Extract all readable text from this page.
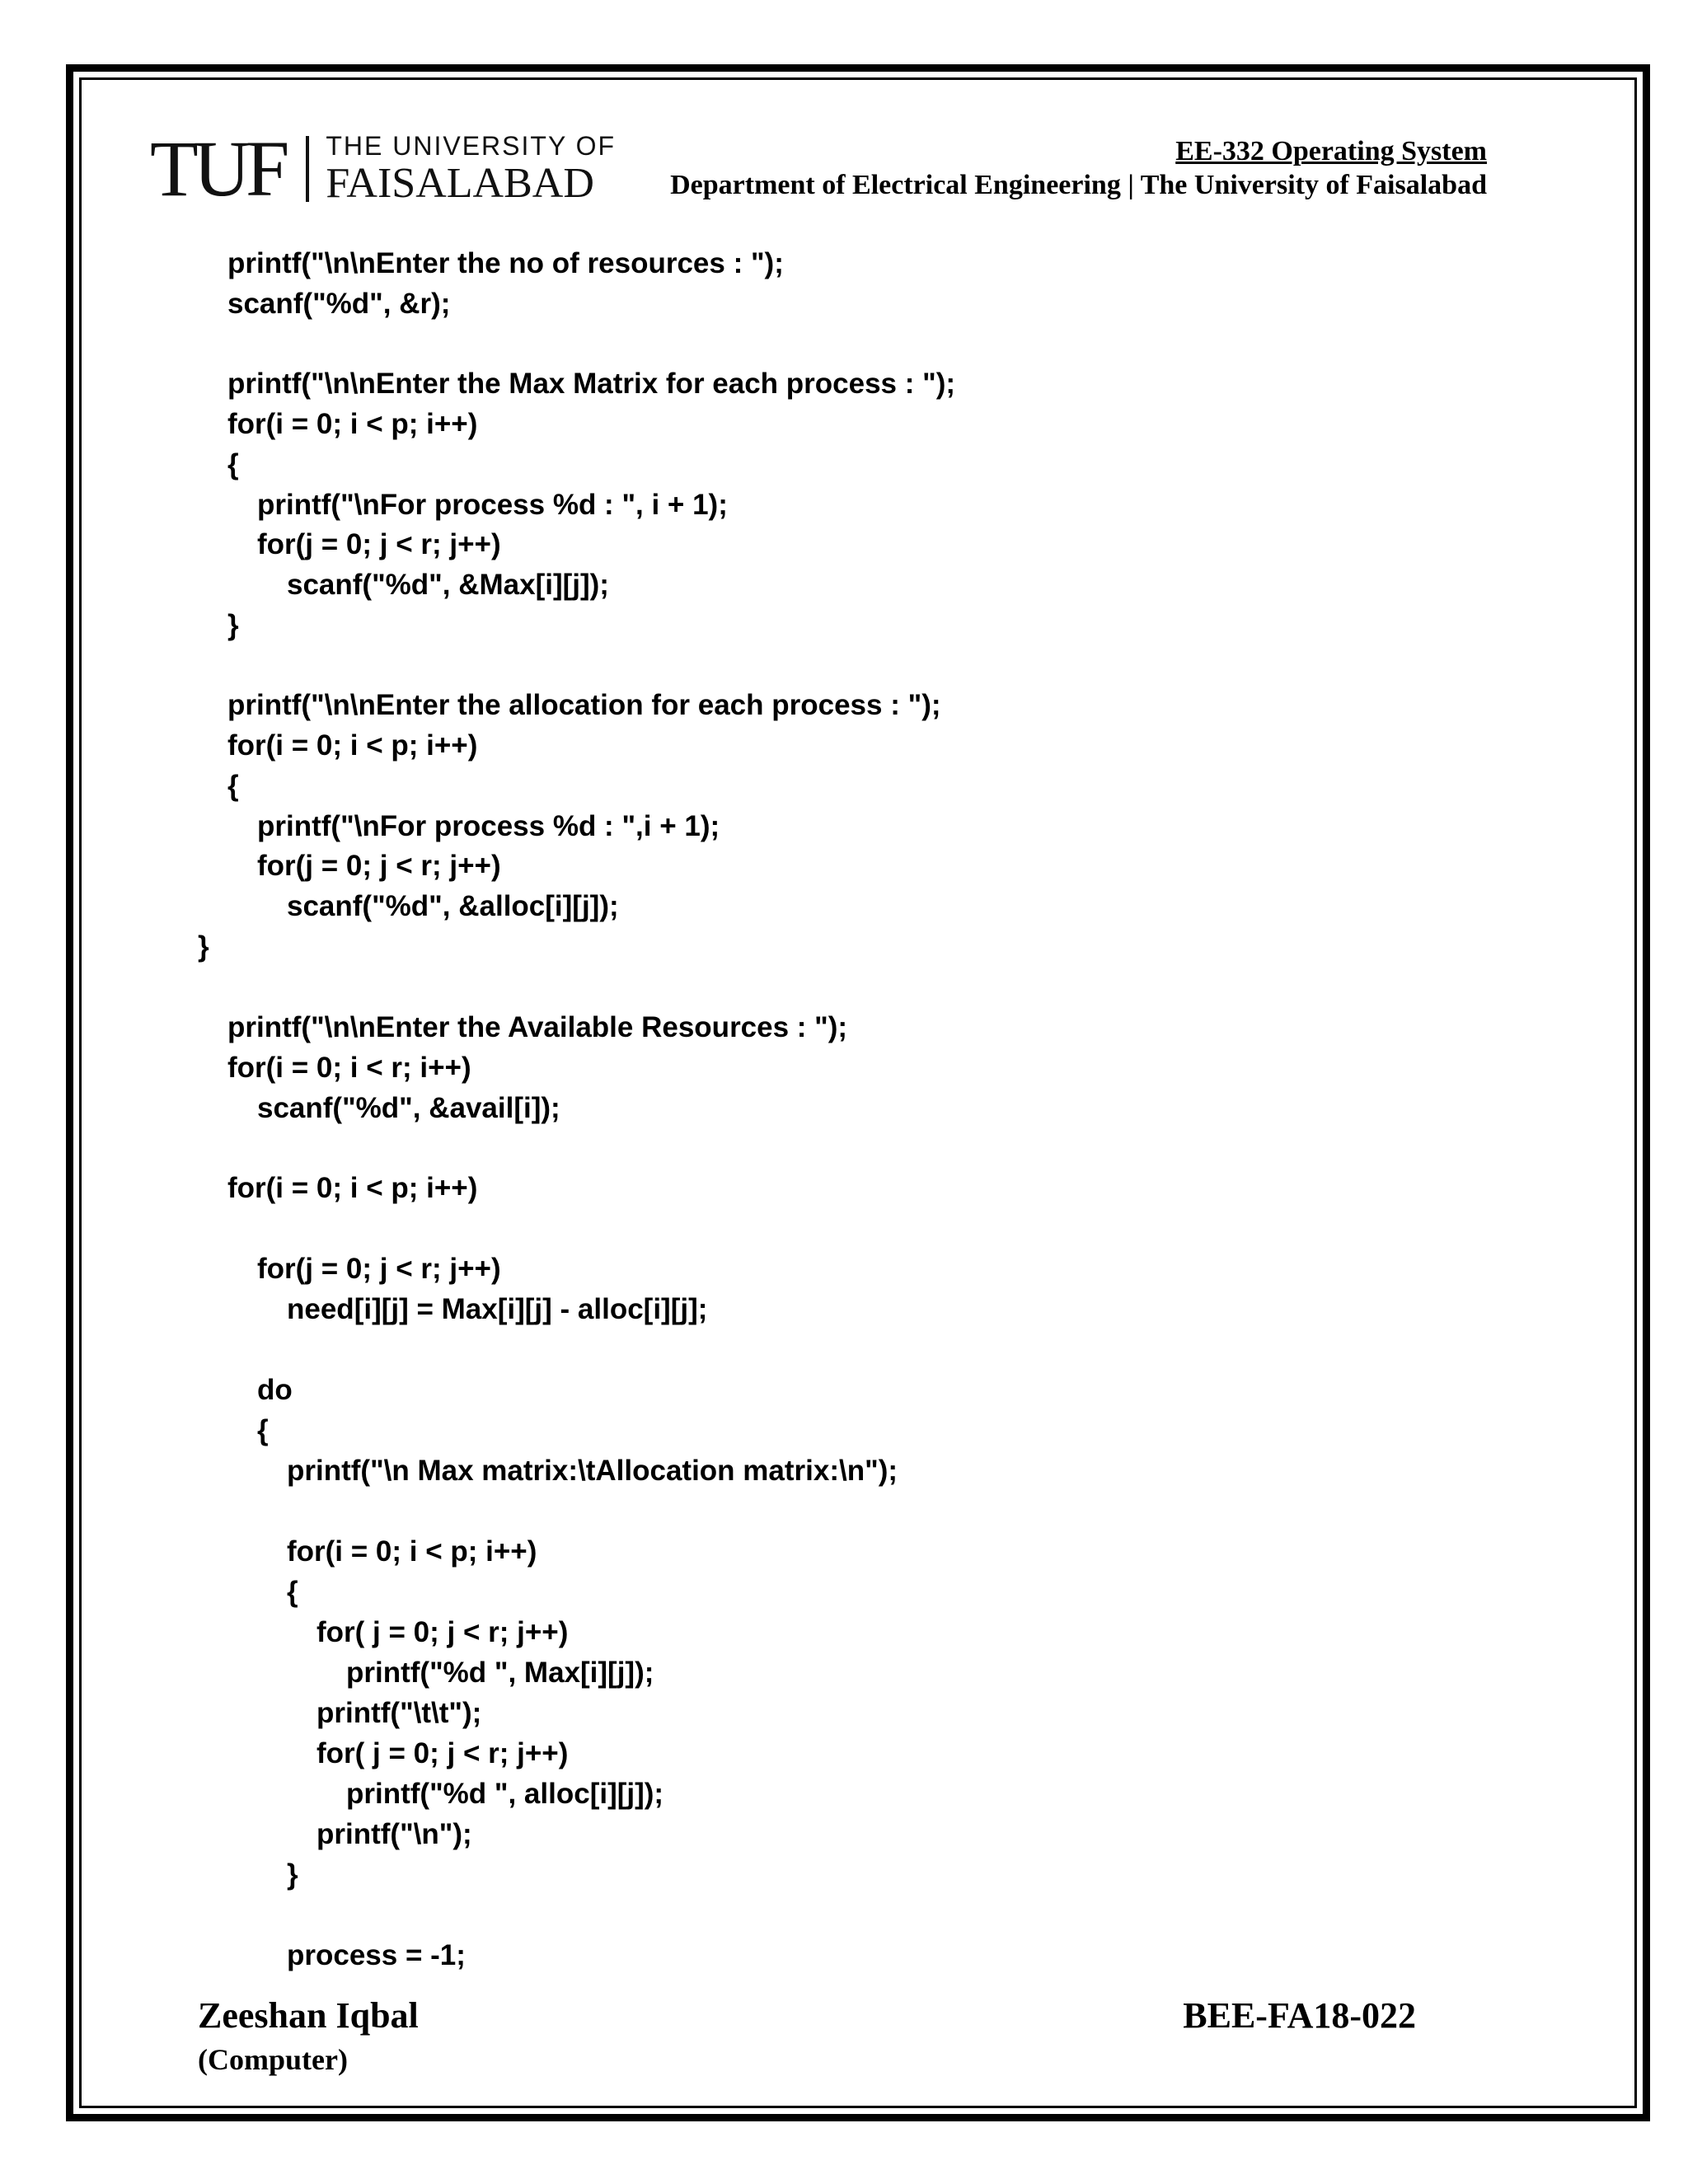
TUF THE UNIVERSITY OF
FAISALABAD
EE-332 Operating System
Department of Electrical Engineering | The University of Faisalabad
printf("\n\nEnter the no of resources : ");
scanf("%d", &r);
printf("\n\nEnter the Max Matrix for each process : ");
for(i = 0; i < p; i++)
{
printf("\nFor process %d : ", i + 1);
for(j = 0; j < r; j++)
scanf("%d", &Max[i][j]);
}
printf("\n\nEnter the allocation for each process : ");
for(i = 0; i < p; i++)
{
printf("\nFor process %d : ",i + 1);
for(j = 0; j < r; j++)
scanf("%d", &alloc[i][j]);
}
printf("\n\nEnter the Available Resources : ");
for(i = 0; i < r; i++)
scanf("%d", &avail[i]);
for(i = 0; i < p; i++)
for(j = 0; j < r; j++)
need[i][j] = Max[i][j] - alloc[i][j];
do
{
printf("\n Max matrix:\tAllocation matrix:\n");
for(i = 0; i < p; i++)
{
for( j = 0; j < r; j++)
printf("%d ", Max[i][j]);
printf("\t\t");
for( j = 0; j < r; j++)
printf("%d ", alloc[i][j]);
printf("\n");
}
process = -1;
Zeeshan Iqbal
(Computer)
BEE-FA18-022
